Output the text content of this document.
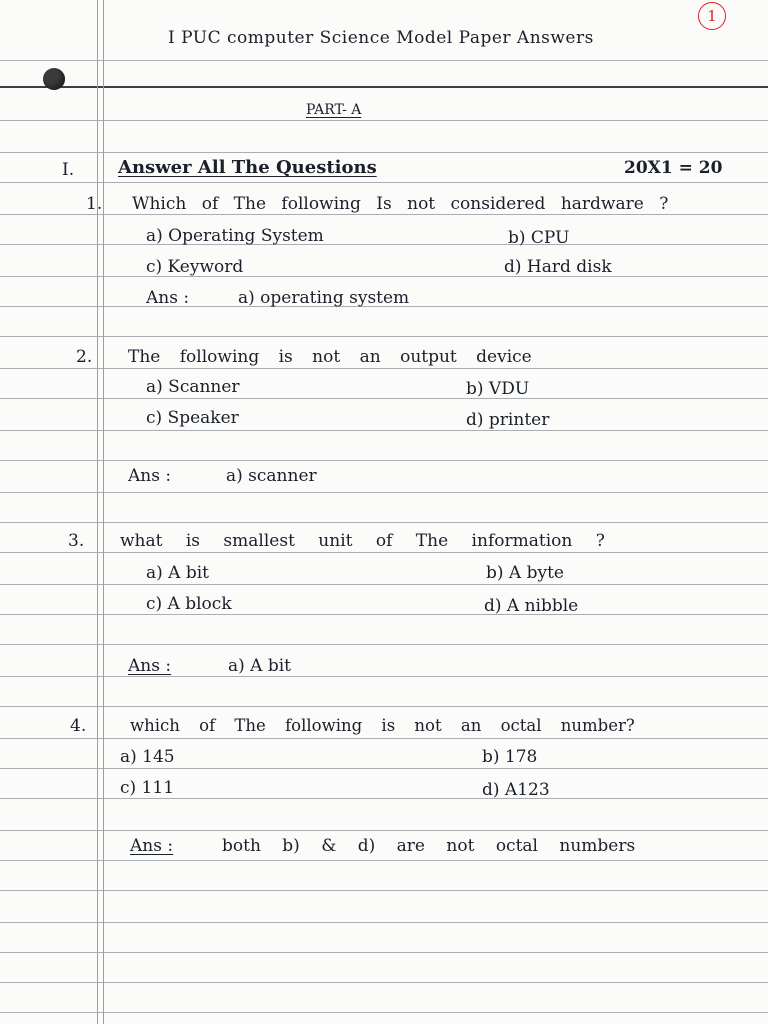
I PUC computer Science Model Paper Answers
1
PART- A
I. Answer All The Questions	20X1 = 20
1. Which of The following Is not considered hardware ?
a) Operating System	b) CPU
c) Keyword	d) Hard disk
Ans :	a) operating system
2. The following is not an output device
a) Scanner	b) VDU
c) Speaker	d) printer
Ans :	a) scanner
3. what is smallest unit of The information ?
a) A bit	b) A byte
c) A block	d) A nibble
Ans :	a) A bit
4.	which of The following is not an octal number?
a) 145	b) 178
c) 111	d) A123
Ans :	both b) & d) are not octal numbers
